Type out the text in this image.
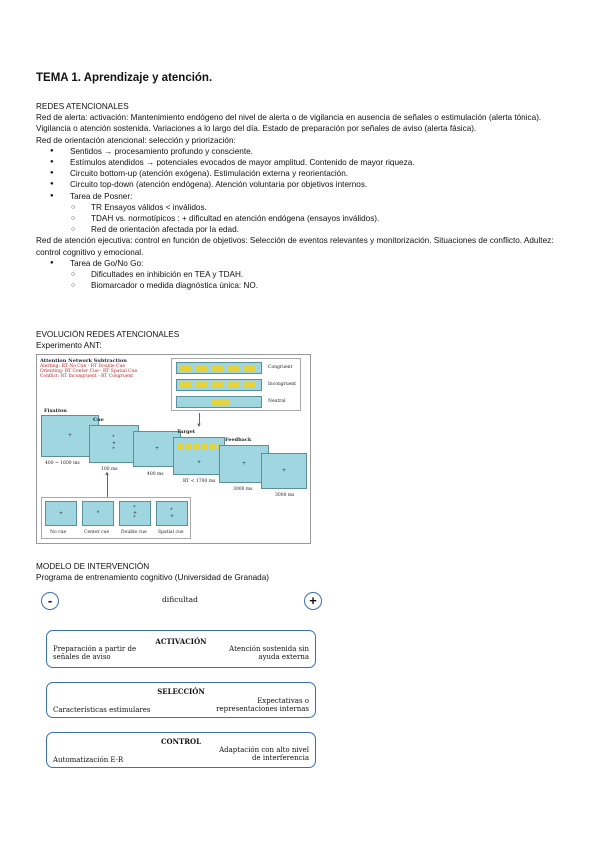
TEMA 1. Aprendizaje y atención.
REDES ATENCIONALES
Red de alerta: activación: Mantenimiento endógeno del nivel de alerta o de vigilancia en ausencia de señales o estimulación (alerta tónica). Vigilancia o atención sostenida. Variaciones a lo largo del día. Estado de preparación por señales de aviso (alerta fásica).
Red de orientación atencional: selección y priorización:
● Sentidos → procesamiento profundo y consciente.
● Estímulos atendidos → potenciales evocados de mayor amplitud. Contenido de mayor riqueza.
● Circuito bottom-up (atención exógena). Estimulación externa y reorientación.
● Circuito top-down (atención endógena). Atención voluntaria por objetivos internos.
● Tarea de Posner:
○ TR Ensayos válidos < inválidos.
○ TDAH vs. normotípicos : + dificultad en atención endógena (ensayos inválidos).
○ Red de orientación afectada por la edad.
Red de atención ejecutiva: control en función de objetivos: Selección de eventos relevantes y monitorización. Situaciones de conflicto. Adultez: control cognitivo y emocional.
● Tarea de Go/No Go:
○ Dificultades en inhibición en TEA y TDAH.
○ Biomarcador o medida diagnóstica única: NO.
EVOLUCIÓN REDES ATENCIONALES
Experimento ANT:
Attention Network Subtraction
Alerting: RT No Cue - RT Double Cue
Orienting: RT Center Cue - RT Spatial Cue
Conflict: RT Incongruent - RT Congruent
Congruent
Incongruent
Neutral
▼
Fixation
+
400 ~ 1600 ms
Cue
*
+
*
100 ms
+
400 ms
Target
+
RT < 1700 ms
Feedback
+
3000 ms
+
3000 ms
▲
+	*
*
+
*
*
+
No cue	Center cue	Double cue	Spatial cue
MODELO DE INTERVENCIÓN
Programa de entrenamiento cognitivo (Universidad de Granada)
-	dificultad	+
ACTIVACIÓN
Preparación a partir de señales de aviso
Atención sostenida sin ayuda externa
SELECCIÓN
Características estimulares
Expectativas o representaciones internas
CONTROL
Automatización E-R
Adaptación con alto nivel de interferencia
